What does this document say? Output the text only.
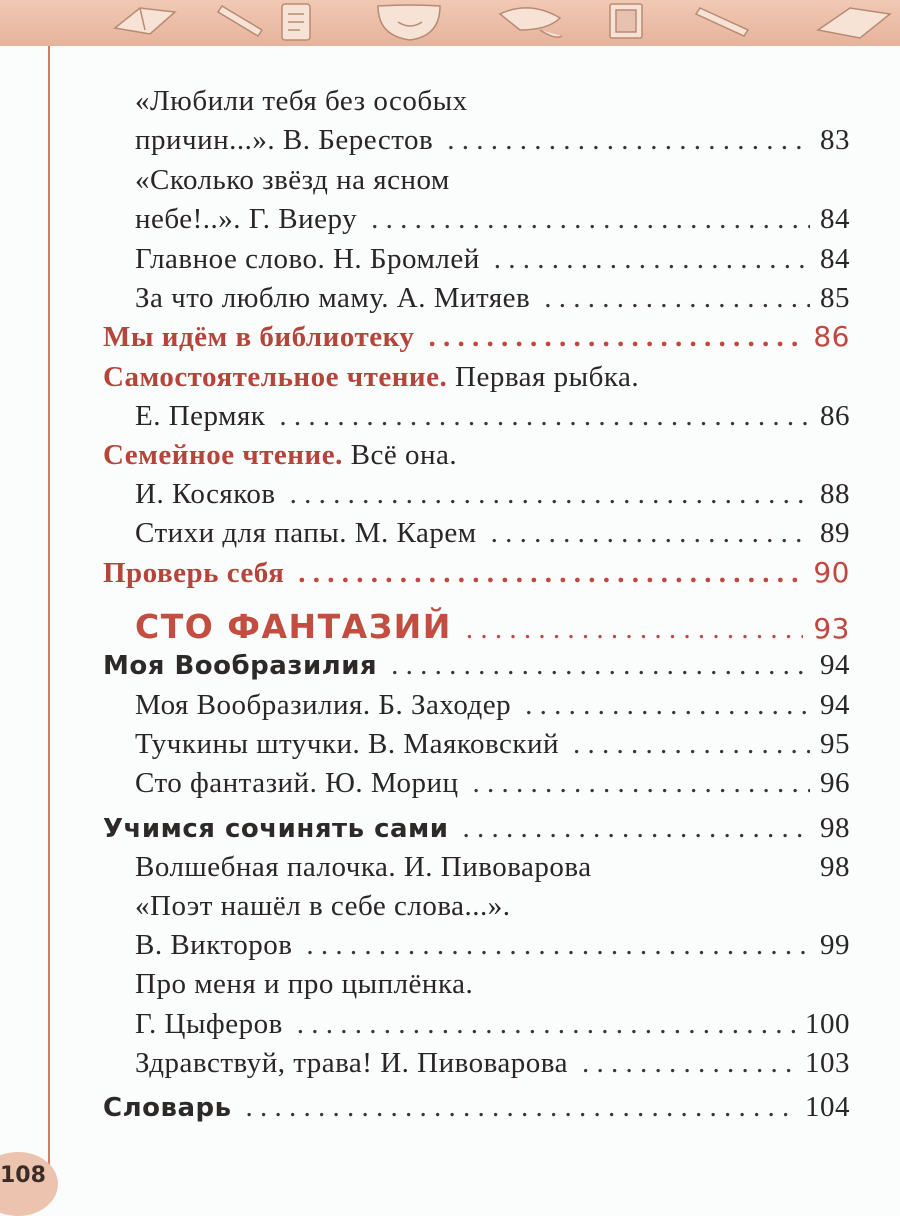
108
«Любили тебя без особых
причин...». В. Берестов . . .	83
«Сколько звёзд на ясном
небе!..». Г. Виеру . . .	84
Главное слово. Н. Бромлей . . .	84
За что люблю маму. А. Митяев . . .	85
Мы идём в библиотеку . . .	86
Самостоятельное чтение. Первая рыбка.
Е. Пермяк . . .	86
Семейное чтение. Всё она.
И. Косяков . . .	88
Стихи для папы. М. Карем . . .	89
Проверь себя . . .	90
СТО ФАНТАЗИЙ . . .	93
Моя Вообразилия . . .	94
Моя Вообразилия. Б. Заходер . . .	94
Тучкины штучки. В. Маяковский . . .	95
Сто фантазий. Ю. Мориц . . .	96
Учимся сочинять сами . . .	98
Волшебная палочка. И. Пивоварова	98
«Поэт нашёл в себе слова...».
В. Викторов . . .	99
Про меня и про цыплёнка.
Г. Цыферов . . .	100
Здравствуй, трава! И. Пивоварова . . .	103
Словарь . . .	104
